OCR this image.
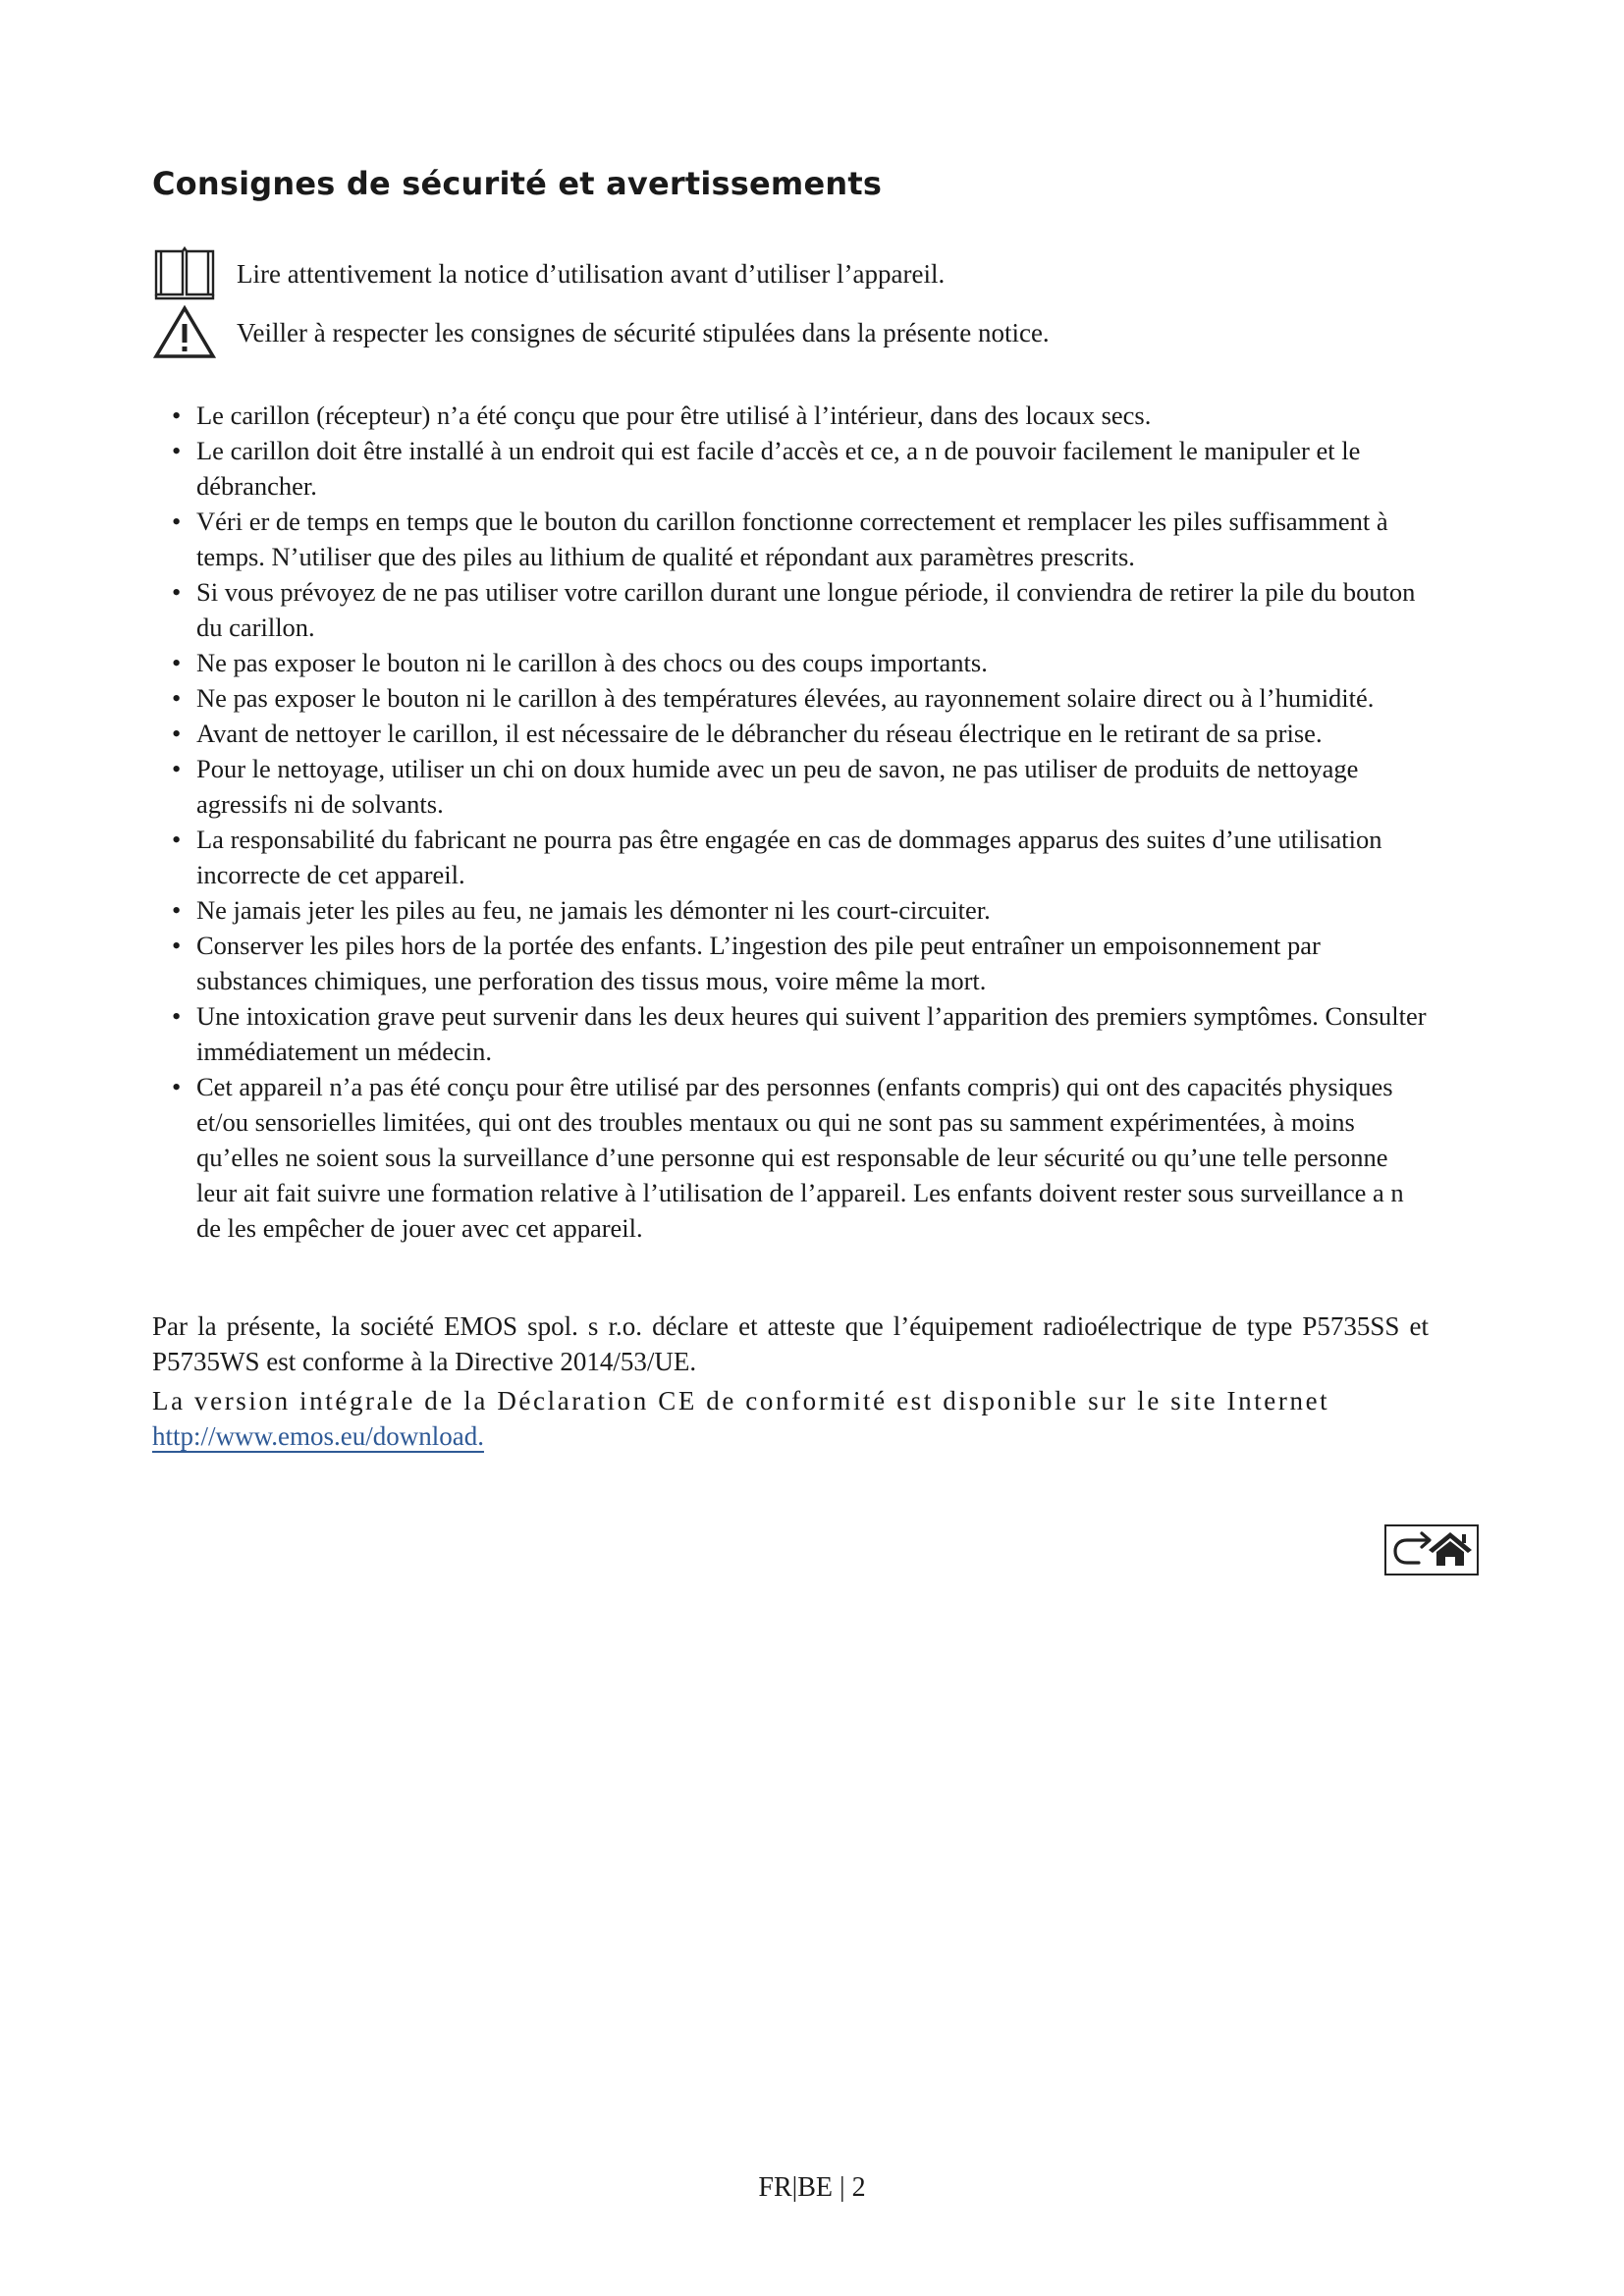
Consignes de sécurité et avertissements
Lire attentivement la notice d’utilisation avant d’utiliser l’appareil.
Veiller à respecter les consignes de sécurité stipulées dans la présente notice.
• Le carillon (récepteur) n’a été conçu que pour être utilisé à l’intérieur, dans des locaux secs.
• Le carillon doit être installé à un endroit qui est facile d’accès et ce, a n de pouvoir facilement le manipuler et le débrancher.
• Véri er de temps en temps que le bouton du carillon fonctionne correctement et remplacer les piles suffisamment à temps. N’utiliser que des piles au lithium de qualité et répondant aux paramètres prescrits.
• Si vous prévoyez de ne pas utiliser votre carillon durant une longue période, il conviendra de retirer la pile du bouton du carillon.
• Ne pas exposer le bouton ni le carillon à des chocs ou des coups importants.
• Ne pas exposer le bouton ni le carillon à des températures élevées, au rayonnement solaire direct ou à l’humidité.
• Avant de nettoyer le carillon, il est nécessaire de le débrancher du réseau électrique en le retirant de sa prise.
• Pour le nettoyage, utiliser un chi on doux humide avec un peu de savon, ne pas utiliser de produits de nettoyage agressifs ni de solvants.
• La responsabilité du fabricant ne pourra pas être engagée en cas de dommages apparus des suites d’une utilisation incorrecte de cet appareil.
• Ne jamais jeter les piles au feu, ne jamais les démonter ni les court-circuiter.
• Conserver les piles hors de la portée des enfants. L’ingestion des pile peut entraîner un empoisonnement par substances chimiques, une perforation des tissus mous, voire même la mort.
• Une intoxication grave peut survenir dans les deux heures qui suivent l’apparition des premiers symptômes. Consulter immédiatement un médecin.
• Cet appareil n’a pas été conçu pour être utilisé par des personnes (enfants compris) qui ont des capacités physiques et/ou sensorielles limitées, qui ont des troubles mentaux ou qui ne sont pas su samment expérimentées, à moins qu’elles ne soient sous la surveillance d’une personne qui est responsable de leur sécurité ou qu’une telle personne leur ait fait suivre une formation relative à l’utilisation de l’appareil. Les enfants doivent rester sous surveillance a n de les empêcher de jouer avec cet appareil.

Par la présente, la société EMOS spol. s r.o. déclare et atteste que l’équipement radioélectrique de type P5735SS et P5735WS est conforme à la Directive 2014/53/UE.

La version intégrale de la Déclaration CE de conformité est disponible sur le site Internet

http://www.emos.eu/download.
FR|BE | 2
